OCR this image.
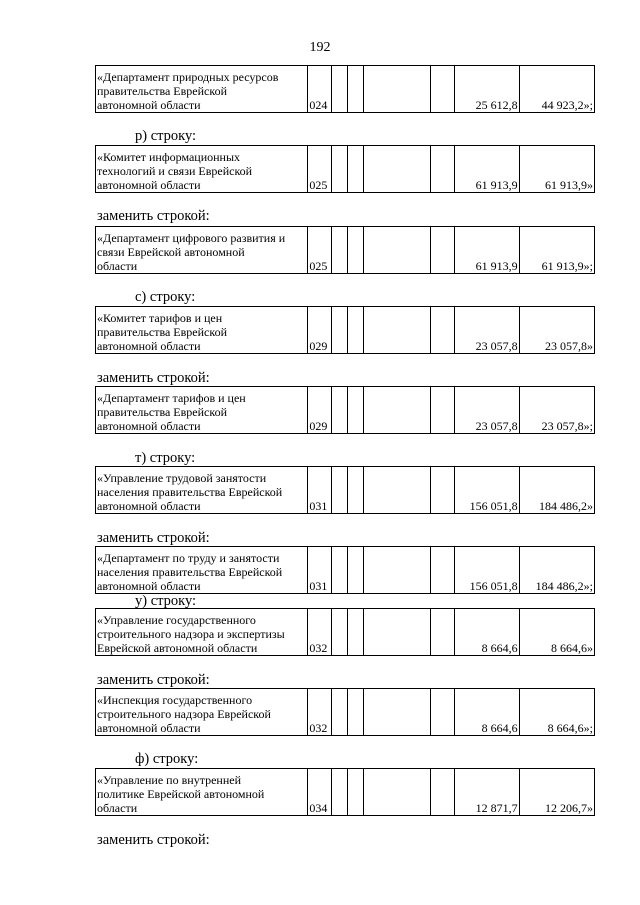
192
«Департамент природных ресурсов
правительства Еврейской
автономной области	024					25 612,8	44 923,2»;
р) строку:
«Комитет информационных
технологий и связи Еврейской
автономной области	025					61 913,9	61 913,9»
заменить строкой:
«Департамент цифрового развития и
связи Еврейской автономной
области	025					61 913,9	61 913,9»;
с) строку:
«Комитет тарифов и цен
правительства Еврейской
автономной области	029					23 057,8	23 057,8»
заменить строкой:
«Департамент тарифов и цен
правительства Еврейской
автономной области	029					23 057,8	23 057,8»;
т) строку:
«Управление трудовой занятости
населения правительства Еврейской
автономной области	031					156 051,8	184 486,2»
заменить строкой:
«Департамент по труду и занятости
населения правительства Еврейской
автономной области	031					156 051,8	184 486,2»;
у) строку:
«Управление государственного
строительного надзора и экспертизы
Еврейской автономной области	032					8 664,6	8 664,6»
заменить строкой:
«Инспекция государственного
строительного надзора Еврейской
автономной области	032					8 664,6	8 664,6»;
ф) строку:
«Управление по внутренней
политике Еврейской автономной
области	034					12 871,7	12 206,7»
заменить строкой:
